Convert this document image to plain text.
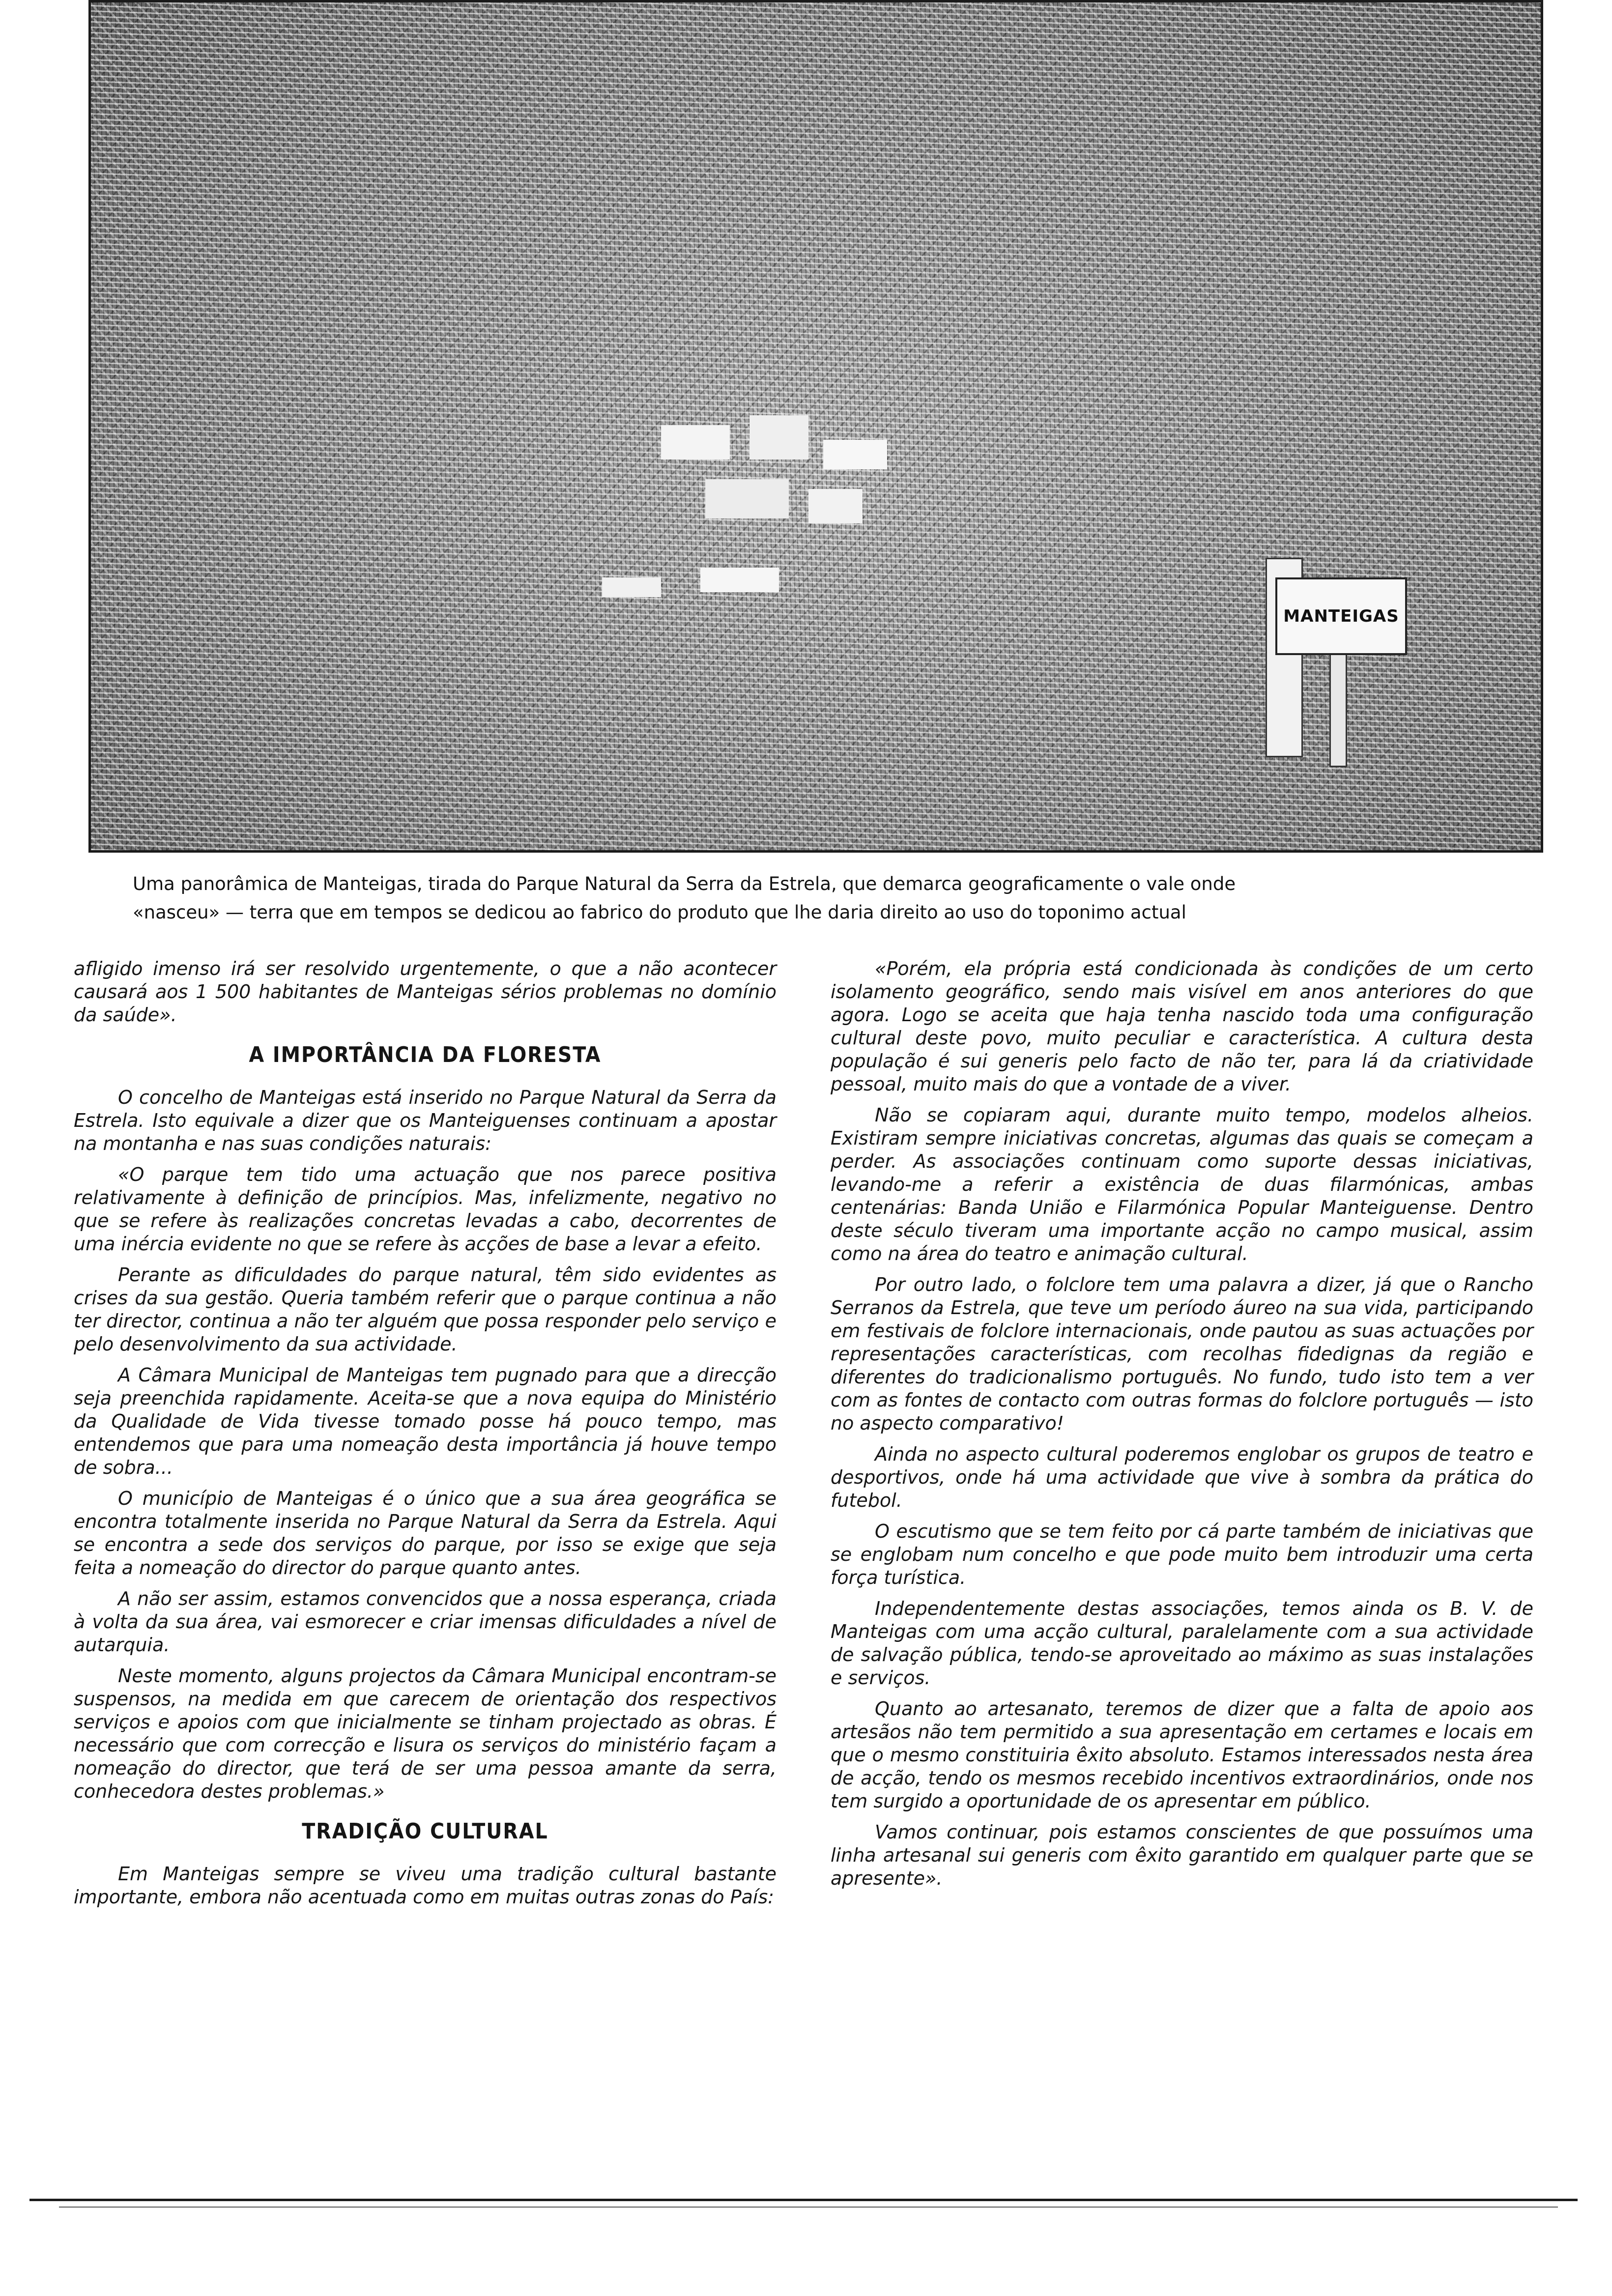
MANTEIGAS
Uma panorâmica de Manteigas, tirada do Parque Natural da Serra da Estrela, que demarca geograficamente o vale onde
«nasceu» — terra que em tempos se dedicou ao fabrico do produto que lhe daria direito ao uso do toponimo actual

afligido imenso irá ser resolvido urgentemente, o que a não acontecer causará aos 1 500 habitantes de Manteigas sérios problemas no domínio da saúde».

A IMPORTÂNCIA DA FLORESTA

O concelho de Manteigas está inserido no Parque Natural da Serra da Estrela. Isto equivale a dizer que os Manteiguenses continuam a apostar na montanha e nas suas condições naturais:

«O parque tem tido uma actuação que nos parece positiva relativamente à definição de princípios. Mas, infelizmente, negativo no que se refere às realizações concretas levadas a cabo, decorrentes de uma inércia evidente no que se refere às acções de base a levar a efeito.

Perante as dificuldades do parque natural, têm sido evidentes as crises da sua gestão. Queria também referir que o parque continua a não ter director, continua a não ter alguém que possa responder pelo serviço e pelo desenvolvimento da sua actividade.

A Câmara Municipal de Manteigas tem pugnado para que a direcção seja preenchida rapidamente. Aceita-se que a nova equipa do Ministério da Qualidade de Vida tivesse tomado posse há pouco tempo, mas entendemos que para uma nomeação desta importância já houve tempo de sobra...

O município de Manteigas é o único que a sua área geográfica se encontra totalmente inserida no Parque Natural da Serra da Estrela. Aqui se encontra a sede dos serviços do parque, por isso se exige que seja feita a nomeação do director do parque quanto antes.

A não ser assim, estamos convencidos que a nossa esperança, criada à volta da sua área, vai esmorecer e criar imensas dificuldades a nível de autarquia.

Neste momento, alguns projectos da Câmara Municipal encontram-se suspensos, na medida em que carecem de orientação dos respectivos serviços e apoios com que inicialmente se tinham projectado as obras. É necessário que com correcção e lisura os serviços do ministério façam a nomeação do director, que terá de ser uma pessoa amante da serra, conhecedora destes problemas.»

TRADIÇÃO CULTURAL

Em Manteigas sempre se viveu uma tradição cultural bastante importante, embora não acentuada como em muitas outras zonas do País:

«Porém, ela própria está condicionada às condições de um certo isolamento geográfico, sendo mais visível em anos anteriores do que agora. Logo se aceita que haja tenha nascido toda uma configuração cultural deste povo, muito peculiar e característica. A cultura desta população é sui generis pelo facto de não ter, para lá da criatividade pessoal, muito mais do que a vontade de a viver.

Não se copiaram aqui, durante muito tempo, modelos alheios. Existiram sempre iniciativas concretas, algumas das quais se começam a perder. As associações continuam como suporte dessas iniciativas, levando-me a referir a existência de duas filarmónicas, ambas centenárias: Banda União e Filarmónica Popular Manteiguense. Dentro deste século tiveram uma importante acção no campo musical, assim como na área do teatro e animação cultural.

Por outro lado, o folclore tem uma palavra a dizer, já que o Rancho Serranos da Estrela, que teve um período áureo na sua vida, participando em festivais de folclore internacionais, onde pautou as suas actuações por representações características, com recolhas fidedignas da região e diferentes do tradicionalismo português. No fundo, tudo isto tem a ver com as fontes de contacto com outras formas do folclore português — isto no aspecto comparativo!

Ainda no aspecto cultural poderemos englobar os grupos de teatro e desportivos, onde há uma actividade que vive à sombra da prática do futebol.

O escutismo que se tem feito por cá parte também de iniciativas que se englobam num concelho e que pode muito bem introduzir uma certa força turística.

Independentemente destas associações, temos ainda os B. V. de Manteigas com uma acção cultural, paralelamente com a sua actividade de salvação pública, tendo-se aproveitado ao máximo as suas instalações e serviços.

Quanto ao artesanato, teremos de dizer que a falta de apoio aos artesãos não tem permitido a sua apresentação em certames e locais em que o mesmo constituiria êxito absoluto. Estamos interessados nesta área de acção, tendo os mesmos recebido incentivos extraordinários, onde nos tem surgido a oportunidade de os apresentar em público.

Vamos continuar, pois estamos conscientes de que possuímos uma linha artesanal sui generis com êxito garantido em qualquer parte que se apresente».
